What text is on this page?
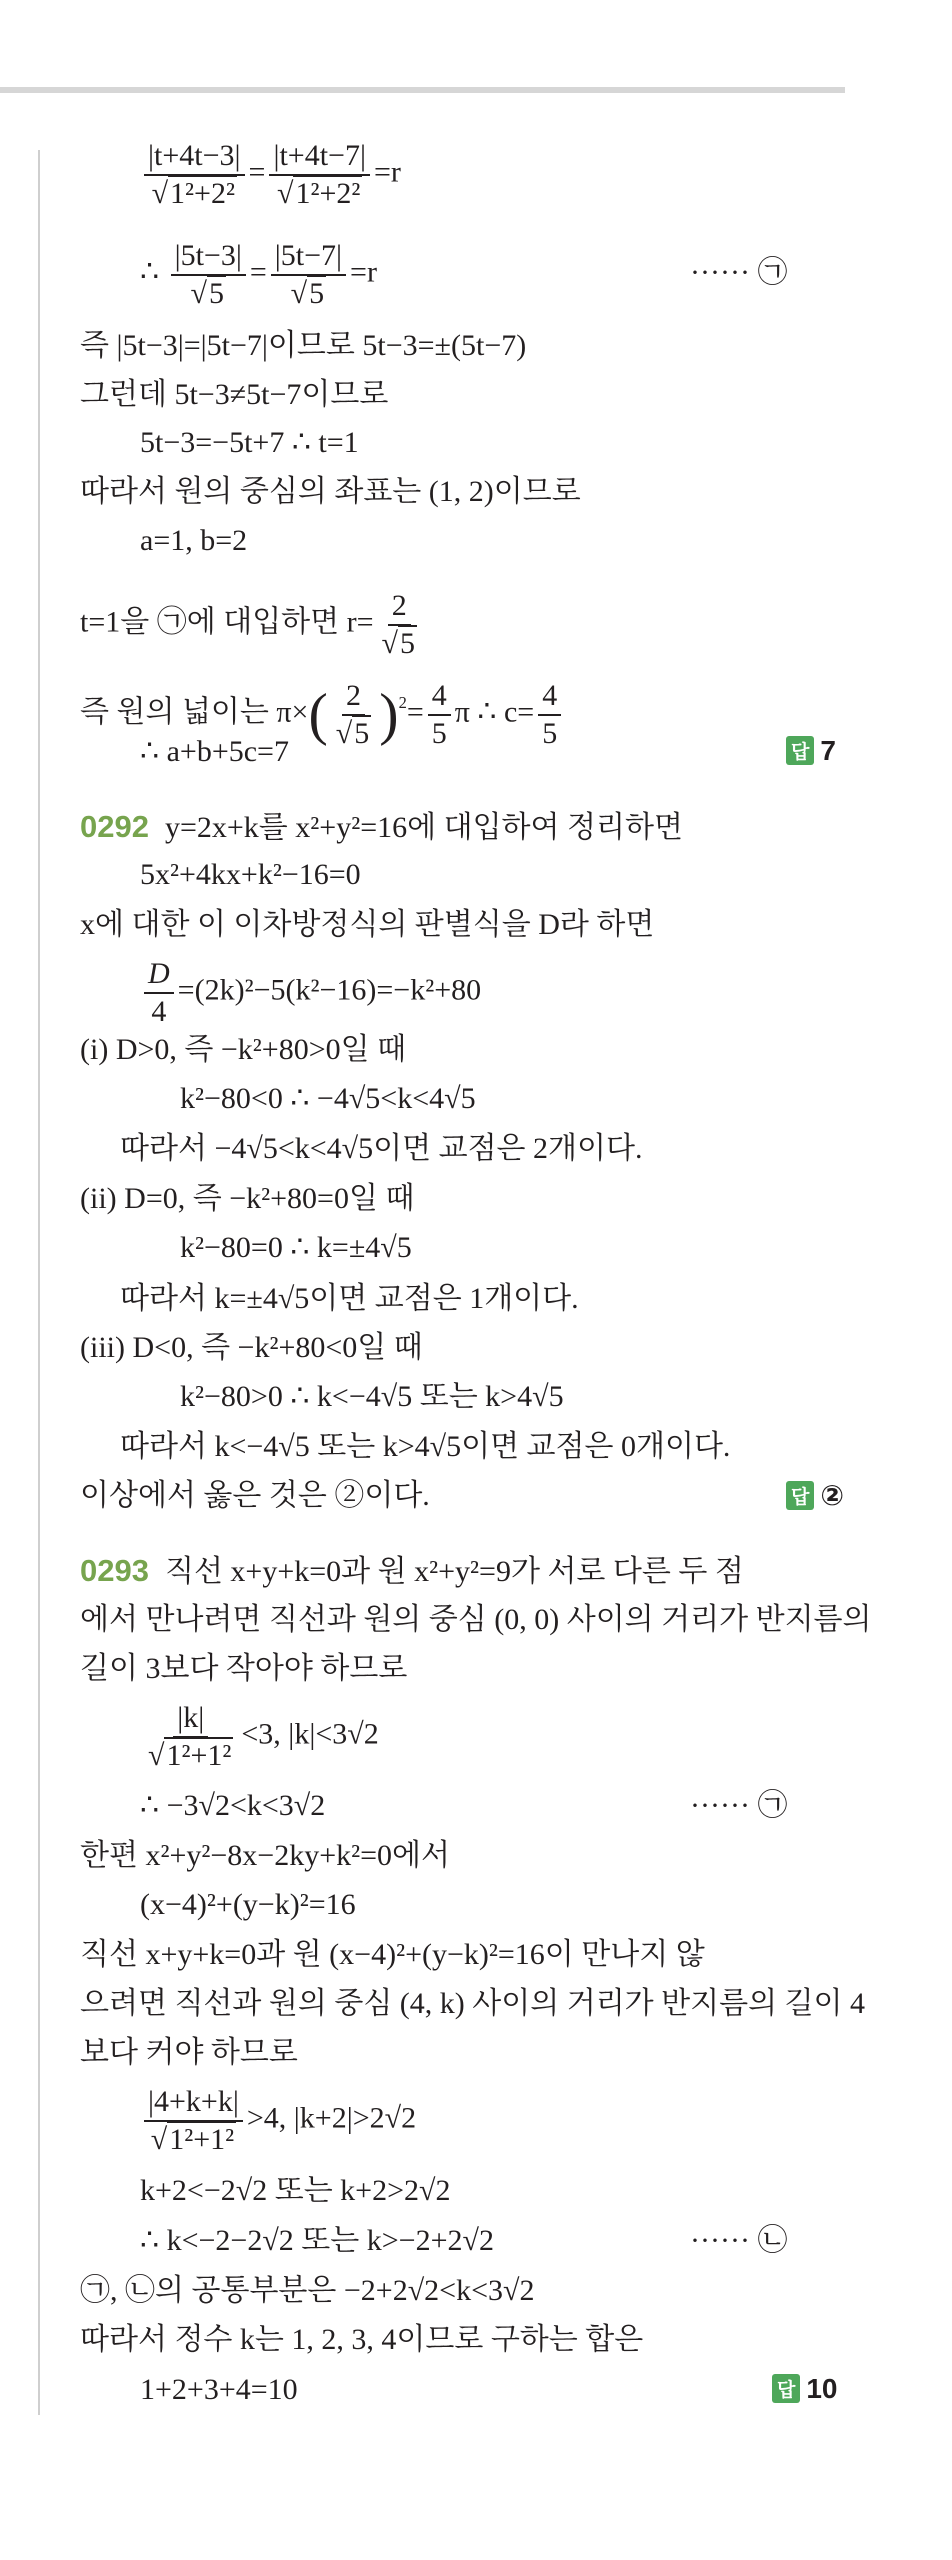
$\frac{|t+4t-3|}{\text{√1²+2²}} = \frac{|t+4t-7|}{\text{√1²+2²}} =r$
∴ $\frac{|5t-3|}{√5} = \frac{|5t-7|}{√5} =r$	······ ㉠
즉 |5t−3|=|5t−7|이므로 5t−3=±(5t−7)
그런데 5t−3≠5t−7이므로
5t−3=−5t+7 ∴ t=1
따라서 원의 중심의 좌표는 (1, 2)이므로
a=1, b=2
t=1을 ㉠에 대입하면 $r= \frac{2}{√5}$
즉 원의 넓이는 $\pi\times( \frac{2}{√5} )^2= \frac{4}{5}$ π ∴ $c= \frac{4}{5}$
∴ a+b+5c=7	답 7
0292 y=2x+k를 x²+y²=16에 대입하여 정리하면
5x²+4kx+k²−16=0
x에 대한 이 이차방정식의 판별식을 D라 하면
$\frac{D}{4} =(2k)^2-5(k^2-16)=-k^2+80$
(i) D>0, 즉 −k²+80>0일 때
k²−80<0 ∴ −4√5<k<4√5
따라서 −4√5<k<4√5이면 교점은 2개이다.
(ii) D=0, 즉 −k²+80=0일 때
k²−80=0 ∴ k=±4√5
따라서 k=±4√5이면 교점은 1개이다.
(iii) D<0, 즉 −k²+80<0일 때
k²−80>0 ∴ k<−4√5 또는 k>4√5
따라서 k<−4√5 또는 k>4√5이면 교점은 0개이다.
이상에서 옳은 것은 ②이다.	답 ②
0293 직선 x+y+k=0과 원 x²+y²=9가 서로 다른 두 점
에서 만나려면 직선과 원의 중심 (0, 0) 사이의 거리가 반지름의
길이 3보다 작아야 하므로
$\frac{|k|}{\text{√1²+1²}} <3$, |k|<3√2
∴ −3√2<k<3√2	······ ㉠
한편 x²+y²−8x−2ky+k²=0에서
(x−4)²+(y−k)²=16
직선 x+y+k=0과 원 (x−4)²+(y−k)²=16이 만나지 않
으려면 직선과 원의 중심 (4, k) 사이의 거리가 반지름의 길이 4
보다 커야 하므로
$\frac{|4+k+k|}{\text{√1²+1²}} >4$, |k+2|>2√2
k+2<−2√2 또는 k+2>2√2
∴ k<−2−2√2 또는 k>−2+2√2	······ ㉡
㉠, ㉡의 공통부분은 −2+2√2<k<3√2
따라서 정수 k는 1, 2, 3, 4이므로 구하는 합은
1+2+3+4=10	답 10
